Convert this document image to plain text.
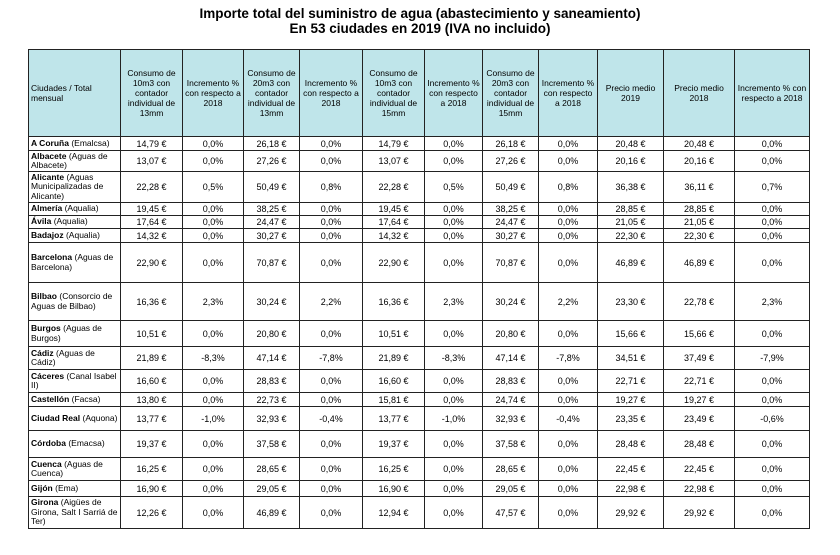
Importe total del suministro de agua (abastecimiento y saneamiento)
En 53 ciudades en 2019 (IVA no incluido)
Ciudades / Total mensual	Consumo de 10m3 con contador individual de 13mm	Incremento % con respecto a 2018	Consumo de 20m3 con contador individual de 13mm	Incremento % con respecto a 2018	Consumo de 10m3 con contador individual de 15mm	Incremento % con respecto a 2018	Consumo de 20m3 con contador individual de 15mm	Incremento % con respecto a 2018	Precio medio 2019	Precio medio 2018	Incremento % con respecto a 2018
A Coruña (Emalcsa)	14,79 €	0,0%	26,18 €	0,0%	14,79 €	0,0%	26,18 €	0,0%	20,48 €	20,48 €	0,0%
Albacete (Aguas de Albacete)	13,07 €	0,0%	27,26 €	0,0%	13,07 €	0,0%	27,26 €	0,0%	20,16 €	20,16 €	0,0%
Alicante (Aguas Municipalizadas de Alicante)	22,28 €	0,5%	50,49 €	0,8%	22,28 €	0,5%	50,49 €	0,8%	36,38 €	36,11 €	0,7%
Almería (Aqualia)	19,45 €	0,0%	38,25 €	0,0%	19,45 €	0,0%	38,25 €	0,0%	28,85 €	28,85 €	0,0%
Ávila (Aqualia)	17,64 €	0,0%	24,47 €	0,0%	17,64 €	0,0%	24,47 €	0,0%	21,05 €	21,05 €	0,0%
Badajoz (Aqualia)	14,32 €	0,0%	30,27 €	0,0%	14,32 €	0,0%	30,27 €	0,0%	22,30 €	22,30 €	0,0%
Barcelona (Aguas de Barcelona)	22,90 €	0,0%	70,87 €	0,0%	22,90 €	0,0%	70,87 €	0,0%	46,89 €	46,89 €	0,0%
Bilbao (Consorcio de Aguas de Bilbao)	16,36 €	2,3%	30,24 €	2,2%	16,36 €	2,3%	30,24 €	2,2%	23,30 €	22,78 €	2,3%
Burgos (Aguas de Burgos)	10,51 €	0,0%	20,80 €	0,0%	10,51 €	0,0%	20,80 €	0,0%	15,66 €	15,66 €	0,0%
Cádiz (Aguas de Cádiz)	21,89 €	-8,3%	47,14 €	-7,8%	21,89 €	-8,3%	47,14 €	-7,8%	34,51 €	37,49 €	-7,9%
Cáceres (Canal Isabel II)	16,60 €	0,0%	28,83 €	0,0%	16,60 €	0,0%	28,83 €	0,0%	22,71 €	22,71 €	0,0%
Castellón (Facsa)	13,80 €	0,0%	22,73 €	0,0%	15,81 €	0,0%	24,74 €	0,0%	19,27 €	19,27 €	0,0%
Ciudad Real (Aquona)	13,77 €	-1,0%	32,93 €	-0,4%	13,77 €	-1,0%	32,93 €	-0,4%	23,35 €	23,49 €	-0,6%
Córdoba (Emacsa)	19,37 €	0,0%	37,58 €	0,0%	19,37 €	0,0%	37,58 €	0,0%	28,48 €	28,48 €	0,0%
Cuenca (Aguas de Cuenca)	16,25 €	0,0%	28,65 €	0,0%	16,25 €	0,0%	28,65 €	0,0%	22,45 €	22,45 €	0,0%
Gijón (Ema)	16,90 €	0,0%	29,05 €	0,0%	16,90 €	0,0%	29,05 €	0,0%	22,98 €	22,98 €	0,0%
Girona (Aigües de Girona, Salt I Sarriá de Ter)	12,26 €	0,0%	46,89 €	0,0%	12,94 €	0,0%	47,57 €	0,0%	29,92 €	29,92 €	0,0%
